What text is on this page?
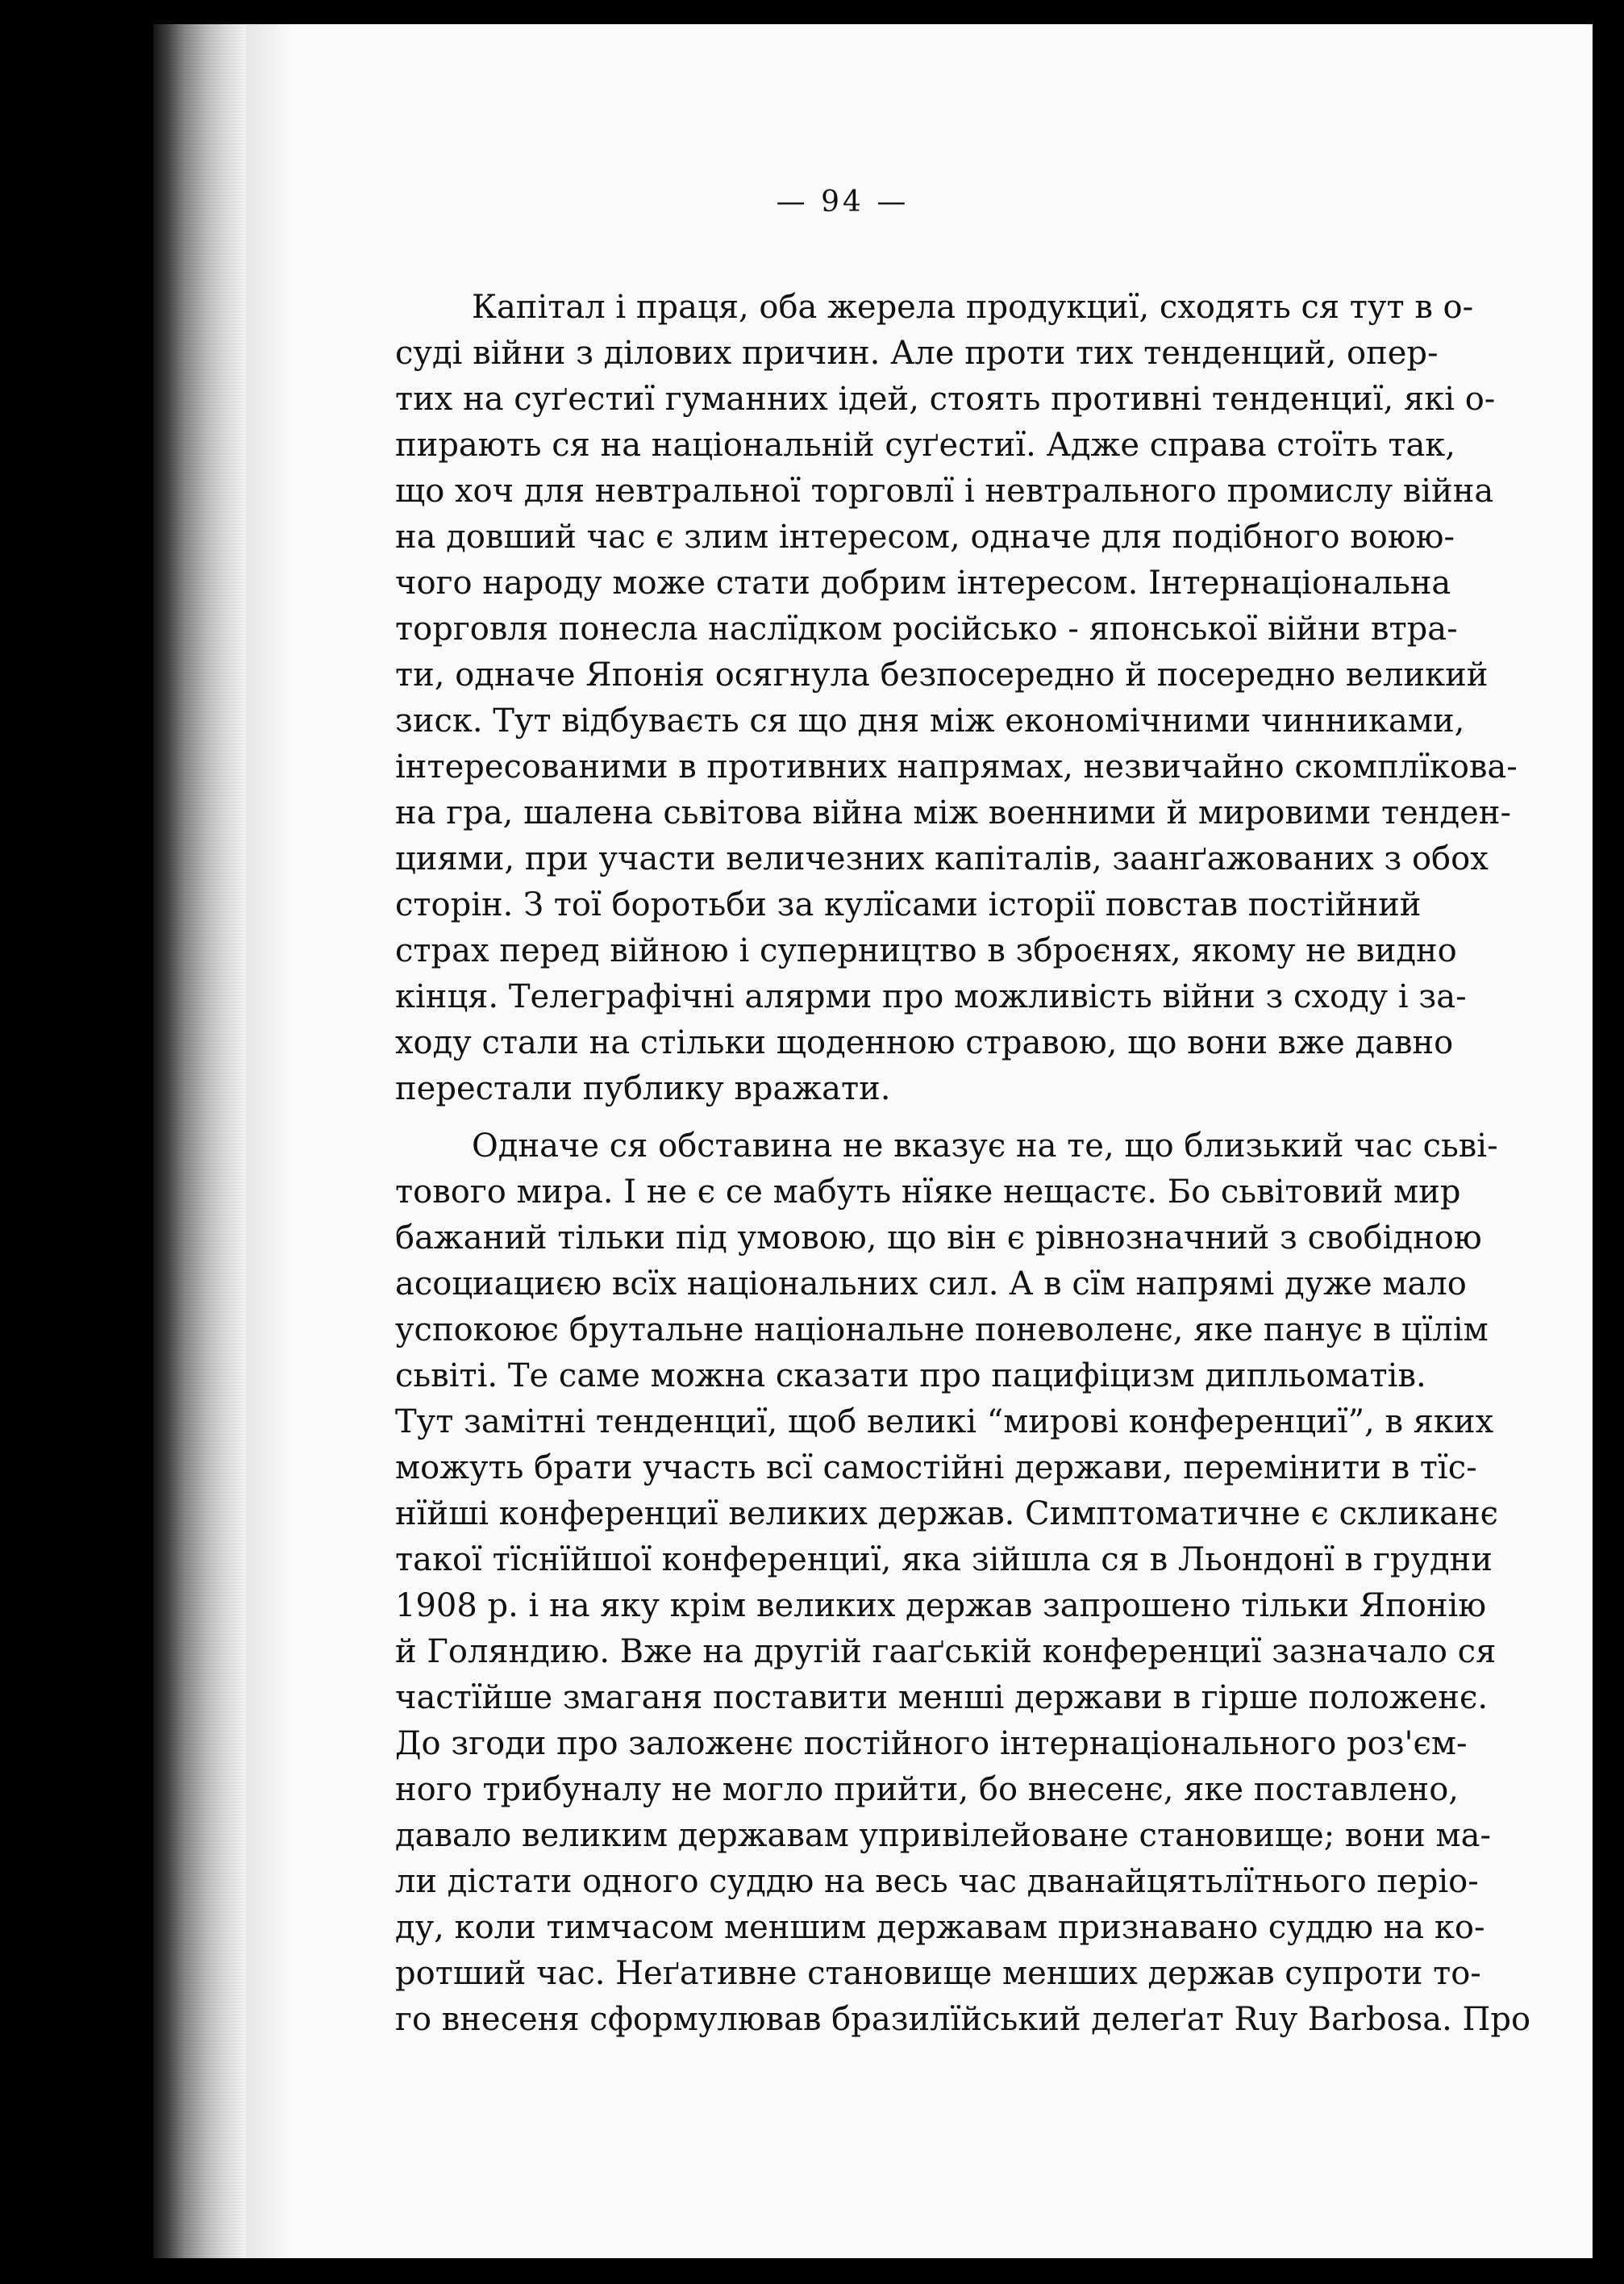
— 94 —
Капітал і праця, оба жерела продукциї, сходять ся тут в о-
суді війни з ділових причин. Але проти тих тенденций, опер-
тих на суґестиї гуманних ідей, стоять противні тенденциї, які о-
пирають ся на національній суґестиї. Адже справа стоїть так,
що хоч для невтральної торговлї і невтрального промислу війна
на довший час є злим інтересом, одначе для подібного воюю-
чого народу може стати добрим інтересом. Інтернаціональна
торговля понесла наслїдком російсько - японської війни втра-
ти, одначе Японія осягнула безпосередно й посередно великий
зиск. Тут відбуваєть ся що дня між економічними чинниками,
інтересованими в противних напрямах, незвичайно скомплїкова-
на гра, шалена сьвітова війна між военними й мировими тенден-
циями, при участи величезних капіталів, заанґажованих з обох
сторін. З тої боротьби за кулїсами історії повстав постійний
страх перед війною і суперництво в зброєнях, якому не видно
кінця. Телеграфічні алярми про можливість війни з сходу і за-
ходу стали на стільки щоденною стравою, що вони вже давно
перестали публику вражати.
Одначе ся обставина не вказує на те, що близький час сьві-
тового мира. І не є се мабуть нїяке нещастє. Бо сьвітовий мир
бажаний тільки під умовою, що він є рівнозначний з свобідною
асоциациєю всїх національних сил. А в сїм напрямі дуже мало
успокоює брутальне національне поневоленє, яке панує в цїлім
сьвіті. Те саме можна сказати про пацифіцизм дипльоматів.
Тут замітні тенденциї, щоб великі “мирові конференциї”, в яких
можуть брати участь всї самостійні держави, перемінити в тїс-
нїйші конференциї великих держав. Симптоматичне є скликанє
такої тїснїйшої конференциї, яка зійшла ся в Льондонї в грудни
1908 р. і на яку крім великих держав запрошено тільки Японію
й Голяндию. Вже на другій гааґській конференциї зазначало ся
частїйше змаганя поставити менші держави в гірше положенє.
До згоди про заложенє постійного інтернаціонального роз'єм-
ного трибуналу не могло прийти, бо внесенє, яке поставлено,
давало великим державам упривілейоване становище; вони ма-
ли дістати одного суддю на весь час дванайцятьлїтнього періо-
ду, коли тимчасом меншим державам признавано суддю на ко-
ротший час. Неґативне становище менших держав супроти то-
го внесеня сформулював бразилїйський делеґат Ruy Barbosa. Про
